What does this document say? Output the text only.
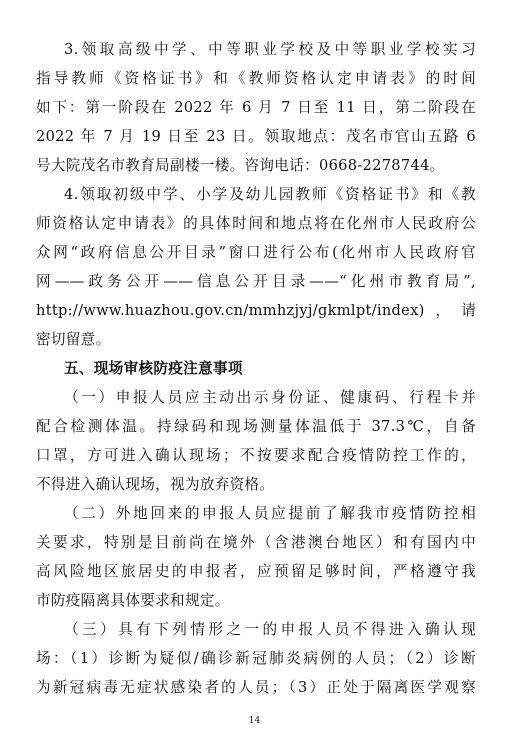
3.领取高级中学、中等职业学校及中等职业学校实习
指导教师《资格证书》和《教师资格认定申请表》的时间
如下：第一阶段在 2022 年 6 月 7 日至 11 日，第二阶段在
2022 年 7 月 19 日至 23 日。领取地点：茂名市官山五路 6
号大院茂名市教育局副楼一楼。咨询电话：0668-2278744。
4.领取初级中学、小学及幼儿园教师《资格证书》和《教
师资格认定申请表》的具体时间和地点将在化州市人民政府公
众网“政府信息公开目录”窗口进行公布(化州市人民政府官
网——政务公开——信息公开目录——“化州市教育局”,
http://www.huazhou.gov.cn/mmhzjyj/gkmlpt/index)，请
密切留意。
五、现场审核防疫注意事项
（一）申报人员应主动出示身份证、健康码、行程卡并
配合检测体温。持绿码和现场测量体温低于 37.3℃，自备
口罩，方可进入确认现场；不按要求配合疫情防控工作的，
不得进入确认现场，视为放弃资格。
（二）外地回来的申报人员应提前了解我市疫情防控相
关要求，特别是目前尚在境外（含港澳台地区）和有国内中
高风险地区旅居史的申报者，应预留足够时间，严格遵守我
市防疫隔离具体要求和规定。
（三）具有下列情形之一的申报人员不得进入确认现
场：（1）诊断为疑似/确诊新冠肺炎病例的人员；（2）诊断
为新冠病毒无症状感染者的人员；（3）正处于隔离医学观察
14
